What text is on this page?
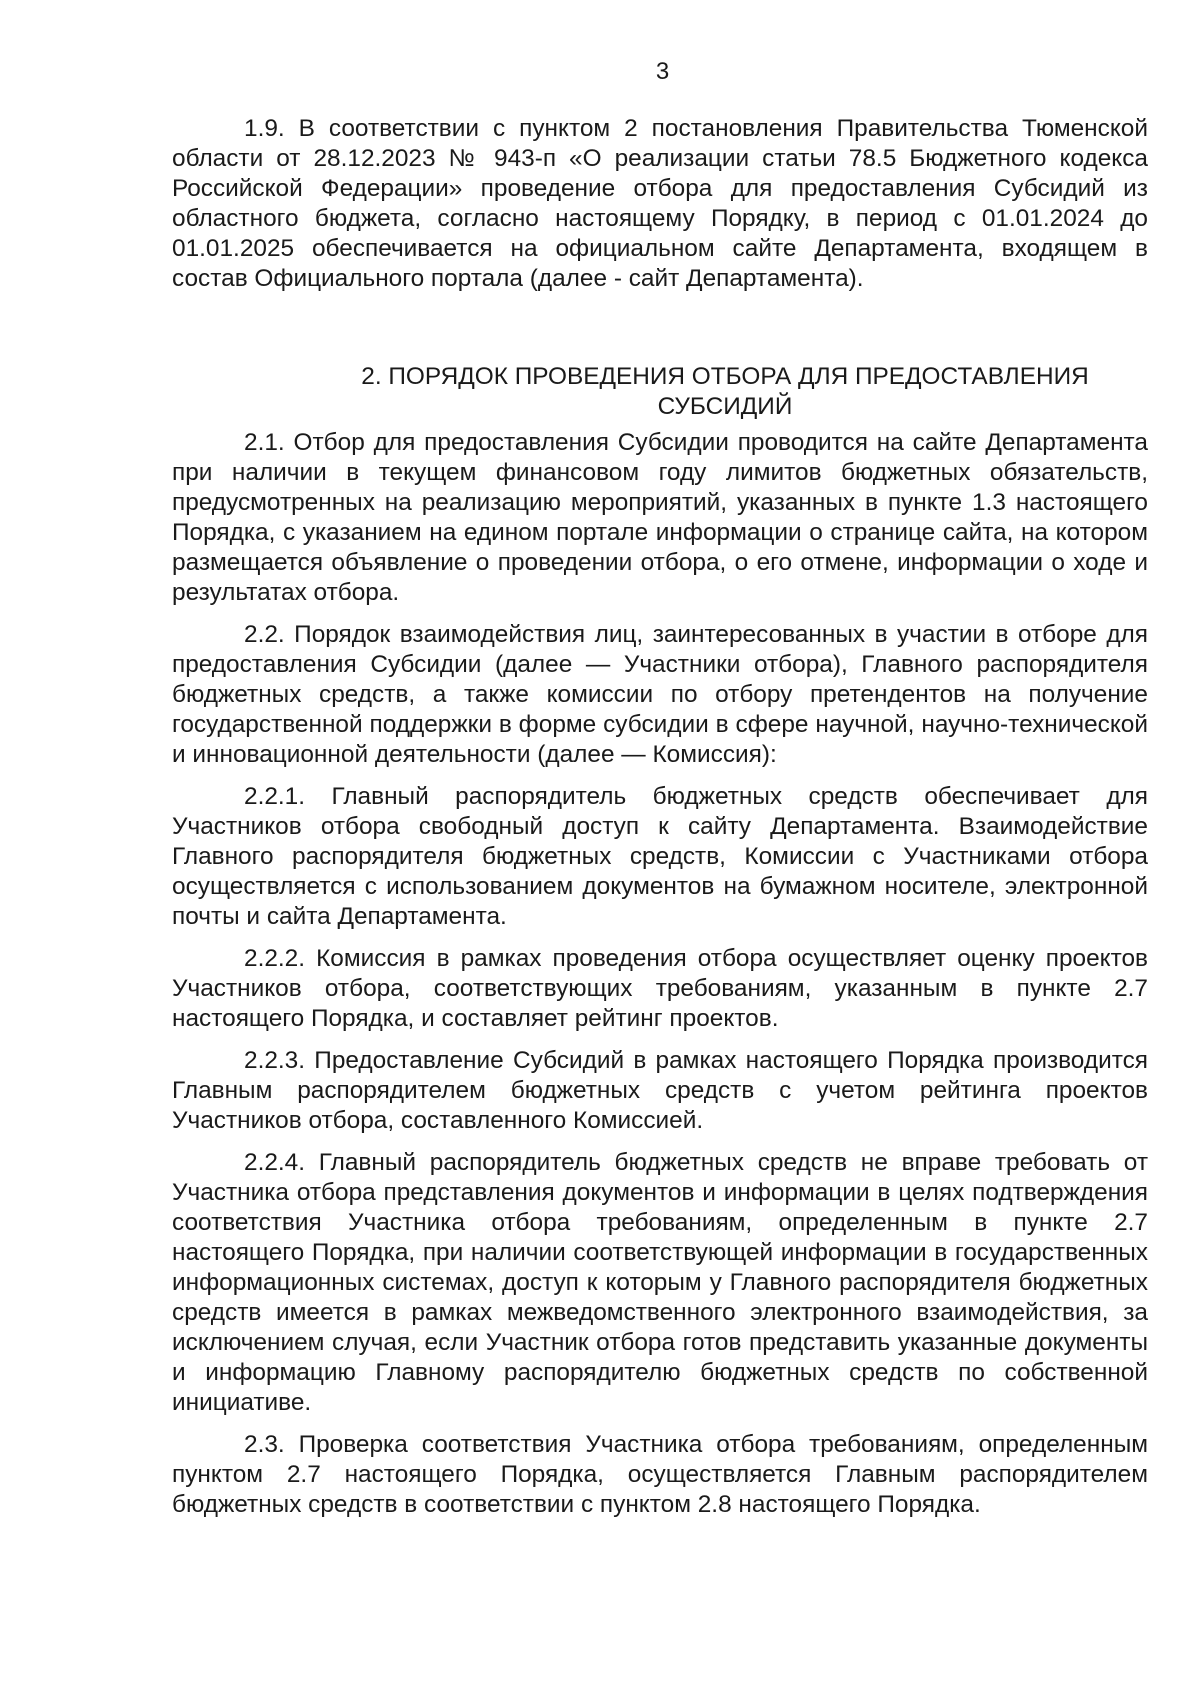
3

1.9. В соответствии с пунктом 2 постановления Правительства Тюменской области от 28.12.2023 № 943-п «О реализации статьи 78.5 Бюджетного кодекса Российской Федерации» проведение отбора для предоставления Субсидий из областного бюджета, согласно настоящему Порядку, в период с 01.01.2024 до 01.01.2025 обеспечивается на официальном сайте Департамента, входящем в состав Официального портала (далее - сайт Департамента).

2. ПОРЯДОК ПРОВЕДЕНИЯ ОТБОРА ДЛЯ ПРЕДОСТАВЛЕНИЯ
СУБСИДИЙ

2.1. Отбор для предоставления Субсидии проводится на сайте Департамента при наличии в текущем финансовом году лимитов бюджетных обязательств, предусмотренных на реализацию мероприятий, указанных в пункте 1.3 настоящего Порядка, с указанием на едином портале информации о странице сайта, на котором размещается объявление о проведении отбора, о его отмене, информации о ходе и результатах отбора.

2.2. Порядок взаимодействия лиц, заинтересованных в участии в отборе для предоставления Субсидии (далее — Участники отбора), Главного распорядителя бюджетных средств, а также комиссии по отбору претендентов на получение государственной поддержки в форме субсидии в сфере научной, научно-технической и инновационной деятельности (далее — Комиссия):

2.2.1. Главный распорядитель бюджетных средств обеспечивает для Участников отбора свободный доступ к сайту Департамента. Взаимодействие Главного распорядителя бюджетных средств, Комиссии с Участниками отбора осуществляется с использованием документов на бумажном носителе, электронной почты и сайта Департамента.

2.2.2. Комиссия в рамках проведения отбора осуществляет оценку проектов Участников отбора, соответствующих требованиям, указанным в пункте 2.7 настоящего Порядка, и составляет рейтинг проектов.

2.2.3. Предоставление Субсидий в рамках настоящего Порядка производится Главным распорядителем бюджетных средств с учетом рейтинга проектов Участников отбора, составленного Комиссией.

2.2.4. Главный распорядитель бюджетных средств не вправе требовать от Участника отбора представления документов и информации в целях подтверждения соответствия Участника отбора требованиям, определенным в пункте 2.7 настоящего Порядка, при наличии соответствующей информации в государственных информационных системах, доступ к которым у Главного распорядителя бюджетных средств имеется в рамках межведомственного электронного взаимодействия, за исключением случая, если Участник отбора готов представить указанные документы и информацию Главному распорядителю бюджетных средств по собственной инициативе.

2.3. Проверка соответствия Участника отбора требованиям, определенным пунктом 2.7 настоящего Порядка, осуществляется Главным распорядителем бюджетных средств в соответствии с пунктом 2.8 настоящего Порядка.
